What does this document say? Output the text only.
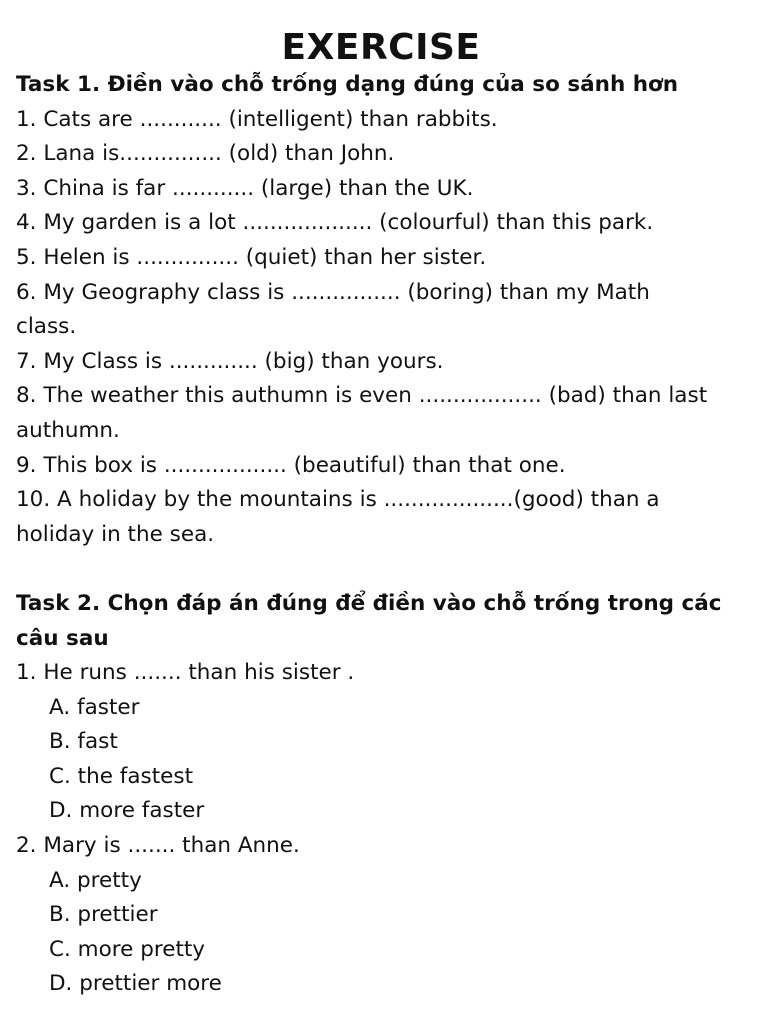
EXERCISE

Task 1. Điền vào chỗ trống dạng đúng của so sánh hơn

1. Cats are ............ (intelligent) than rabbits.

2. Lana is............... (old) than John.

3. China is far ............ (large) than the UK.

4. My garden is a lot ................... (colourful) than this park.

5. Helen is ............... (quiet) than her sister.

6. My Geography class is ................ (boring) than my Math

class.

7. My Class is ............. (big) than yours.

8. The weather this authumn is even .................. (bad) than last

authumn.

9. This box is .................. (beautiful) than that one.

10. A holiday by the mountains is ...................(good) than a

holiday in the sea.

Task 2. Chọn đáp án đúng để điền vào chỗ trống trong các

câu sau

1. He runs ....... than his sister .

A. faster

B. fast

C. the fastest

D. more faster

2. Mary is ....... than Anne.

A. pretty

B. prettier

C. more pretty

D. prettier more
